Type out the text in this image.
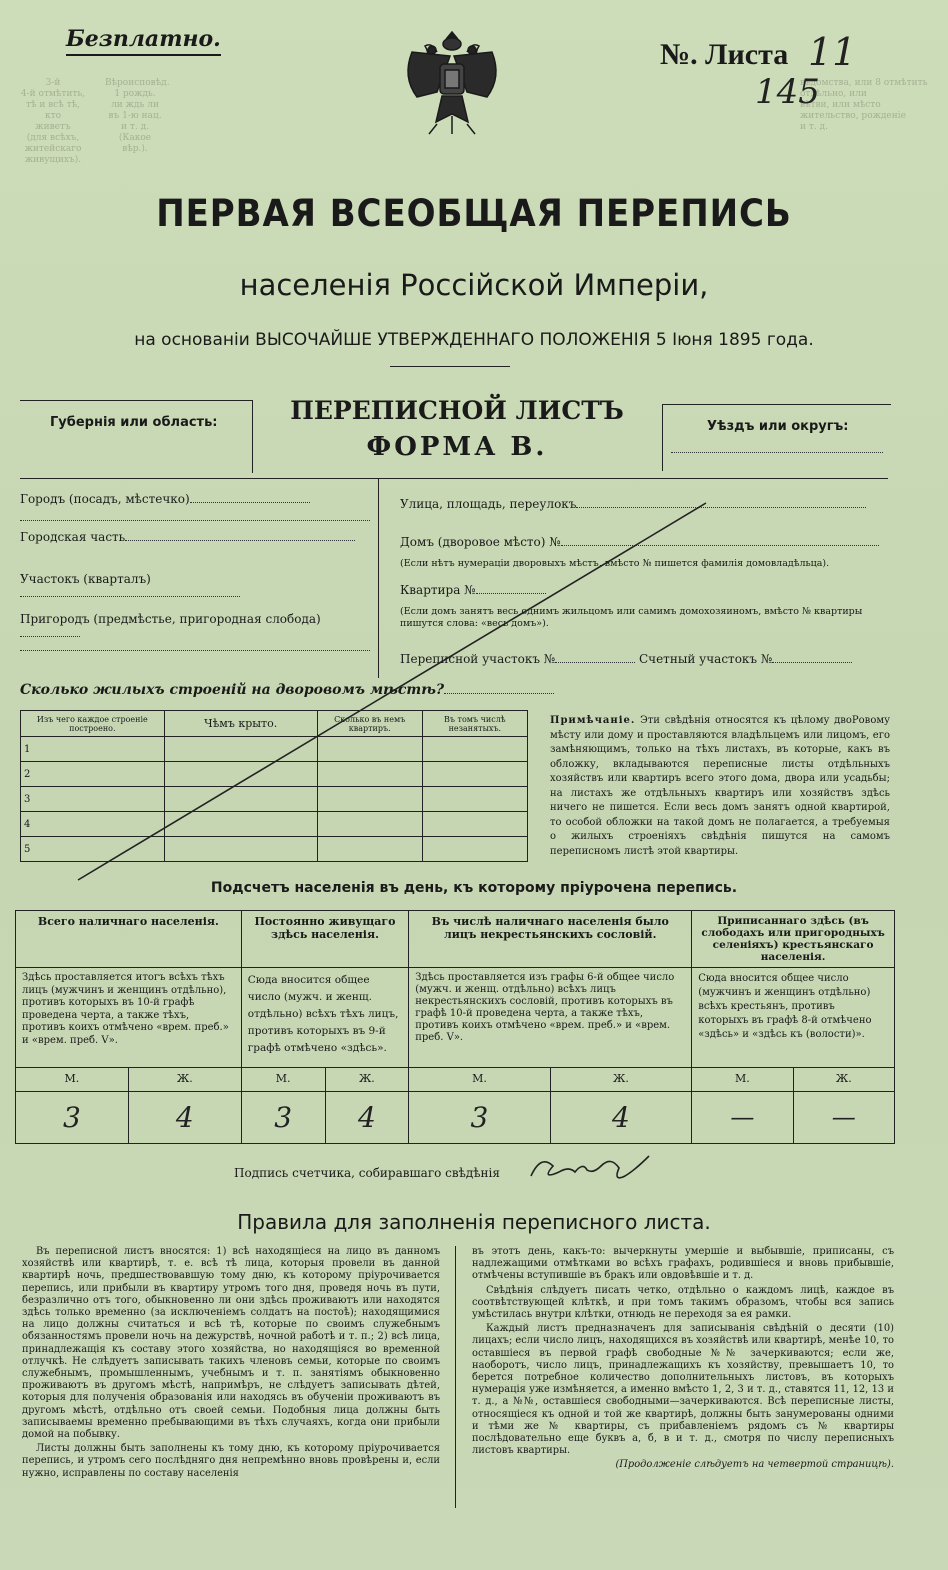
3-й
4-й отмѣтить,
тѣ и всѣ тѣ, кто
живетъ
(для всѣхъ, житейскаго
живущихъ).
Вѣроисповѣд.
1 рождь.
ли ждь ли
въ 1-ю нац.
и т. д.
(Какое вѣр.).
вѣдомства, или 8 отмѣтить
отдѣльно, или
вѣтви, или мѣсто
жительство, рожденіе
и т. д.
Безплатно.	№. Листа 11
145
ПЕРВАЯ ВСЕОБЩАЯ ПЕРЕПИСЬ
населенія Россійской Имперіи,
на основаніи ВЫСОЧАЙШЕ УТВЕРЖДЕННАГО ПОЛОЖЕНІЯ 5 Іюня 1895 года.
Губернія или область:	ПЕРЕПИСНОЙ ЛИСТЪ
ФОРМА В.
Уѣздъ или округъ:
Городъ (посадъ, мѣстечко)
Городская часть
Участокъ (кварталъ)
Пригородъ (предмѣстье, пригородная слобода)
Улица, площадь, переулокъ
Домъ (дворовое мѣсто) №
(Если нѣтъ нумераціи дворовыхъ мѣстъ, вмѣсто № пишется фамилія домовладѣльца).
Квартира №
(Если домъ занятъ весь однимъ жильцомъ или самимъ домохозяиномъ, вмѣсто № квартиры пишутся слова: «весь домъ»).
Переписной участокъ №	Счетный участокъ №
Сколько жилыхъ строеній на дворовомъ мѣстѣ?
Изъ чего каждое строеніе построено.	Чѣмъ крыто.	Сколько въ немъ квартиръ.	Въ томъ числѣ незанятыхъ.
1			
2			
3			
4			
5			
Примѣчаніе. Эти свѣдѣнія относятся къ цѣлому двоРовому мѣсту или дому и проставляются владѣльцемъ или лицомъ, его замѣняющимъ, только на тѣхъ листахъ, въ которые, какъ въ обложку, вкладываются переписные листы отдѣльныхъ хозяйствъ или квартиръ всего этого дома, двора или усадьбы; на листахъ же отдѣльныхъ квартиръ или хозяйствъ здѣсь ничего не пишется. Если весь домъ занятъ одной квартирой, то особой обложки на такой домъ не полагается, а требуемыя о жилыхъ строеніяхъ свѣдѣнія пишутся на самомъ переписномъ листѣ этой квартиры.
Подсчетъ населенія въ день, къ которому пріурочена перепись.
Всего наличнаго населенія.		Постоянно живущаго здѣсь населенія.		Въ числѣ наличнаго населенія было лицъ некрестьянскихъ сословій.		Приписаннаго здѣсь (въ слободахъ или пригородныхъ селеніяхъ) крестьянскаго населенія.	
Здѣсь проставляется итогъ всѣхъ тѣхъ лицъ (мужчинъ и женщинъ отдѣльно), противъ которыхъ въ 10-й графѣ проведена черта, а также тѣхъ, противъ коихъ отмѣчено «врем. преб.» и «врем. преб. V».		Сюда вносится общее число (мужч. и женщ. отдѣльно) всѣхъ тѣхъ лицъ, противъ которыхъ въ 9-й графѣ отмѣчено «здѣсь».		Здѣсь проставляется изъ графы 6-й общее число (мужч. и женщ. отдѣльно) всѣхъ лицъ некрестьянскихъ сословій, противъ которыхъ въ графѣ 10-й проведена черта, а также тѣхъ, противъ коихъ отмѣчено «врем. преб.» и «врем. преб. V».		Сюда вносится общее число (мужчинъ и женщинъ отдѣльно) всѣхъ крестьянъ, противъ которыхъ въ графѣ 8-й отмѣчено «здѣсь» и «здѣсь къ (волости)».	
М.	Ж.	М.	Ж.	М.	Ж.	М.	Ж.
3	4	3	4	3	4	—	—
Подпись счетчика, собиравшаго свѣдѣнія
Правила для заполненія переписного листа.

Въ переписной листъ вносятся: 1) всѣ находящіеся на лицо въ данномъ хозяйствѣ или квартирѣ, т. е. всѣ тѣ лица, которыя провели въ данной квартирѣ ночь, предшествовавшую тому дню, къ которому пріурочивается перепись, или прибыли въ квартиру утромъ того дня, проведя ночь въ пути, безразлично отъ того, обыкновенно ли они здѣсь проживаютъ или находятся здѣсь только временно (за исключеніемъ солдатъ на постоѣ); находящимися на лицо должны считаться и всѣ тѣ, которые по своимъ служебнымъ обязанностямъ провели ночь на дежурствѣ, ночной работѣ и т. п.; 2) всѣ лица, принадлежащія къ составу этого хозяйства, но находящіяся во временной отлучкѣ. Не слѣдуетъ записывать такихъ членовъ семьи, которые по своимъ служебнымъ, промышленнымъ, учебнымъ и т. п. занятіямъ обыкновенно проживаютъ въ другомъ мѣстѣ, напримѣръ, не слѣдуетъ записывать дѣтей, которыя для полученія образованія или находясь въ обученіи проживаютъ въ другомъ мѣстѣ, отдѣльно отъ своей семьи. Подобныя лица должны быть записываемы временно пребывающими въ тѣхъ случаяхъ, когда они прибыли домой на побывку.

Листы должны быть заполнены къ тому дню, къ которому пріурочивается перепись, и утромъ сего послѣдняго дня непремѣнно вновь провѣрены и, если нужно, исправлены по составу населенія

въ этотъ день, какъ-то: вычеркнуты умершіе и выбывшіе, приписаны, съ надлежащими отмѣтками во всѣхъ графахъ, родившіеся и вновь прибывшіе, отмѣчены вступившіе въ бракъ или овдовѣвшіе и т. д.

Свѣдѣнія слѣдуетъ писать четко, отдѣльно о каждомъ лицѣ, каждое въ соотвѣтствующей клѣткѣ, и при томъ такимъ образомъ, чтобы вся запись умѣстилась внутри клѣтки, отнюдь не переходя за ея рамки.

Каждый листъ предназначенъ для записыванія свѣдѣній о десяти (10) лицахъ; если число лицъ, находящихся въ хозяйствѣ или квартирѣ, менѣе 10, то оставшіеся въ первой графѣ свободные №№ зачеркиваются; если же, наоборотъ, число лицъ, принадлежащихъ къ хозяйству, превышаетъ 10, то берется потребное количество дополнительныхъ листовъ, въ которыхъ нумерація уже измѣняется, а именно вмѣсто 1, 2, 3 и т. д., ставятся 11, 12, 13 и т. д., а №№, оставшіеся свободными—зачеркиваются. Всѣ переписные листы, относящіеся къ одной и той же квартирѣ, должны быть занумерованы одними и тѣми же № квартиры, съ прибавленіемъ рядомъ съ № квартиры послѣдовательно еще буквъ а, б, в и т. д., смотря по числу переписныхъ листовъ квартиры.

(Продолженіе слѣдуетъ на четвертой страницѣ).
